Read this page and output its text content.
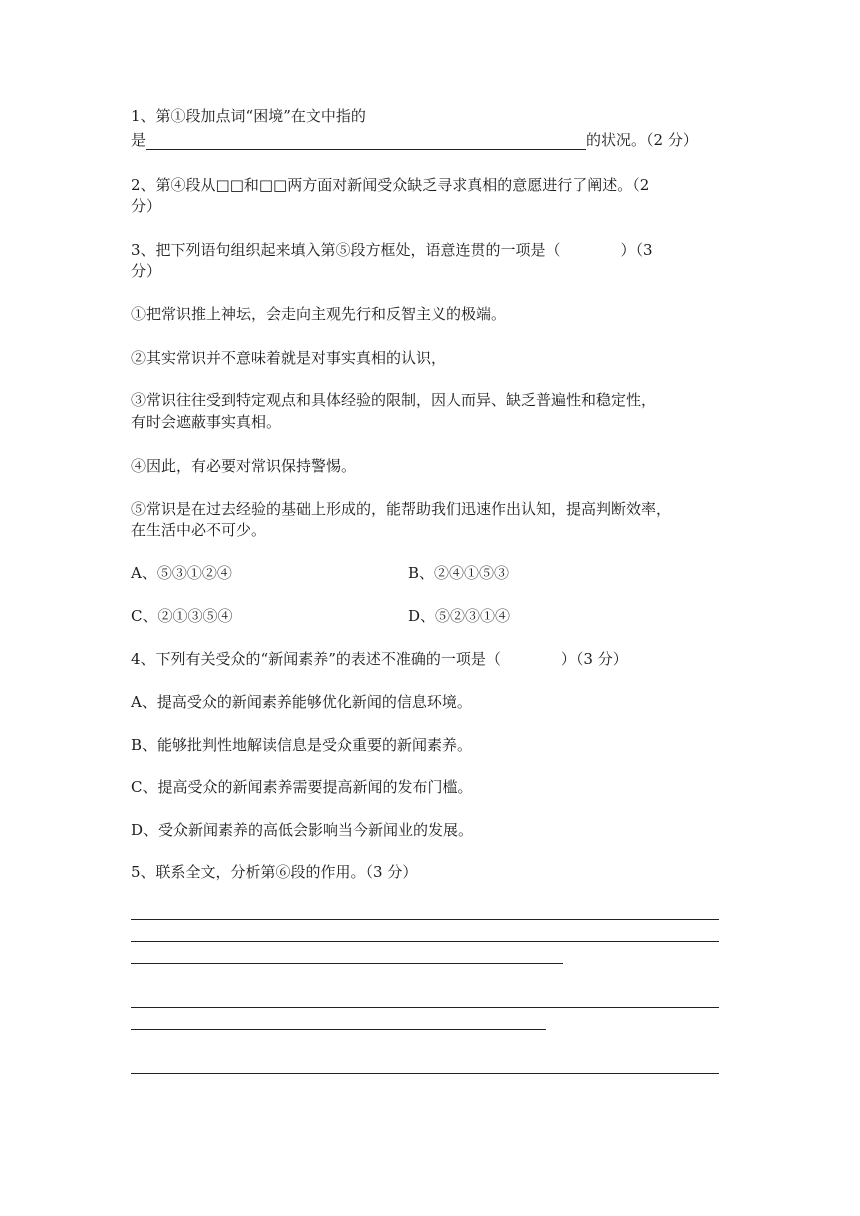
1、第①段加点词“困境”在文中指的
是	的状况。（2 分）
2、第④段从□□和□□两方面对新闻受众缺乏寻求真相的意愿进行了阐述。（2
分）
3、把下列语句组织起来填入第⑤段方框处，语意连贯的一项是（　　　　）（3
分）
①把常识推上神坛，会走向主观先行和反智主义的极端。
②其实常识并不意味着就是对事实真相的认识，
③常识往往受到特定观点和具体经验的限制，因人而异、缺乏普遍性和稳定性，
有时会遮蔽事实真相。
④因此，有必要对常识保持警惕。
⑤常识是在过去经验的基础上形成的，能帮助我们迅速作出认知，提高判断效率，
在生活中必不可少。
A、⑤③①②④	B、②④①⑤③
C、②①③⑤④	D、⑤②③①④
4、下列有关受众的“新闻素养”的表述不准确的一项是（　　　　）（3 分）
A、提高受众的新闻素养能够优化新闻的信息环境。
B、能够批判性地解读信息是受众重要的新闻素养。
C、提高受众的新闻素养需要提高新闻的发布门槛。
D、受众新闻素养的高低会影响当今新闻业的发展。
5、联系全文，分析第⑥段的作用。（3 分）
